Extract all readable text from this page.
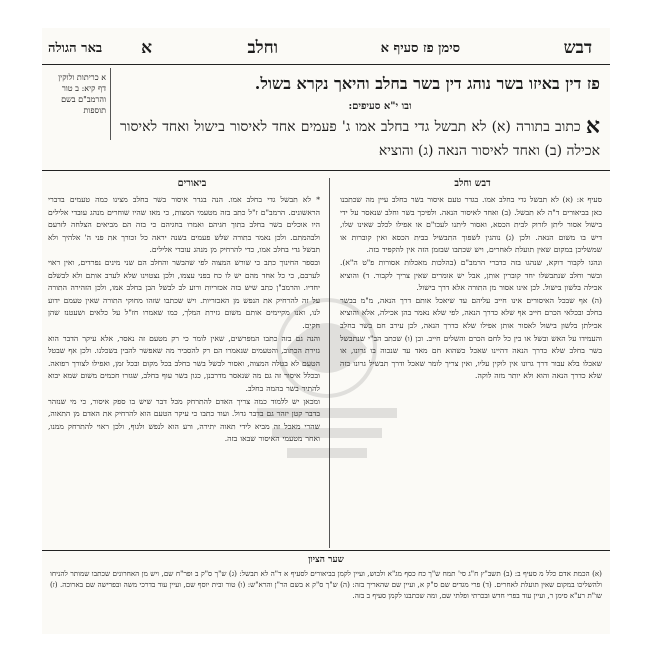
דבש
וחלב	סימן פז סעיף א
א
באר הגולה
א כריתות ולוקין דף קיא: ב טור והרמב"ם בשם תוספות
פז דין באיזו בשר נוהג דין בשר בחלב והיאך נקרא בשול.
ובו י"א סעיפים:
א כתוב בתורה (א) לא תבשל גדי בחלב אמו ג' פעמים אחד לאיסור בישול ואחד לאיסור אכילה (ב) ואחד לאיסור הנאה (ג) והוציא
דבש וחלב
ביאורים

סעיף א: (א) לא תבשל גדי בחלב אמו. בגדר טעם איסור בשר בחלב עיין מה שכתבנו כאן בביאורים ד"ה לא תבשל. (ב) ואחד לאיסור הנאה. ולפיכך בשר וחלב שנאסר על ידי בישול אסור ליתן לזרוק לבית הכסא, ואסור ליתנו לעכו"ם או אפילו לכלב שאינו שלו, דיש בו משום הנאה. ולכן (ג) נוהגין לשפוך התבשיל בבית הכסא ואין קוברות או שמשליכן במקום שאין תועלת לאחרים, ויש שכתבו שבזמן הזה אין להקפיד בזה.

ונהגו לקבור דוקא, שנהגו בזה כדברי הרמב"ם (בהלכות מאכלות אסורות פ"ט ה"א). ובשר וחלב שנתבשלו יחד קוברין אותן, אבל יש אומרים שאין צריך לקבור. ד) והוציא אכילה בלשון בישול. לכן אינו אסור מן התורה אלא דרך בישול.

(ה) אף שבכל האיסורים אינו חייב עליהם עד שיאכל אותם דרך הנאה, מ"מ בבשר בחלב ובכלאי הכרם חייב אף שלא כדרך הנאה, לפי שלא נאמר בהן אכילה, אלא והוציא אכילתן בלשון בישול לאסור אותן אפילו שלא כדרך הנאה, לכן עירב חם בשר בחלב והעמידו על האש ובשל או בין כל לחם הכרם והשלים חייב. וכן (ו) שכתב הב"י שנתבשל בשר בחלב שלא כדרך הנאה דהיינו שאכל כשהוא חם מאד עד שנכוה בו גרונו, או שאכלו בלא עבור דרך גרונו אין לוקין עליו, ואין צריך לומר שאכל ודרך תבשיל גרונו בזה שלא כדרך הנאה והוא ולא יותר מזה לוקה.

* לא תבשל גדי בחלב אמו. הנה בגדר איסור בשר בחלב מצינו כמה טעמים בדברי הראשונים. הרמב"ם ז"ל כתב בזה מטעמי המצות, כי מאז שהיו שוחרים מנהג עובדי אלילים היו אוכלים בשר בחלב בתוך חגיהם ואמרו בחגיהם כי בזה הם מביאים הצלחה לזרעם ולבהמתם. ולכן נאמר בתורה שלש פעמים בשנה יראה כל זכורך את פני ה' אלהיך ולא תבשל גדי בחלב אמו, כדי להרחיק מן מנהג עובדי אלילים.

ובספר החינוך כתב כי שורש המצוה לפי שהבשר והחלב הם שני מינים נפרדים, ואין ראוי לערבם, כי כל אחד מהם יש לו כח בפני עצמו, ולכן נצטוינו שלא לערב אותם ולא לבשלם יחדיו. והרמב"ן כתב שיש בזה אכזריות ורוע לב לבשל הבן בחלב אמו, ולכן הזהירה התורה על זה להרחיק את הנפש מן האכזריות. ויש שכתבו שזהו מחוקי התורה שאין טעמם ידוע לנו, ואנו מקיימים אותם משום גזירת המלך, כמו שאמרו חז"ל על כלאים ושעטנז שהן חקים.

והנה גם בזה כתבו המפרשים, שאין לומר כי רק מטעם זה נאסר, אלא עיקר הדבר הוא גזירת הכתוב, והטעמים שנאמרו הם רק להסביר מה שאפשר להבין בשכלנו. ולכן אף שבטל הטעם לא בטלה המצוה, ואסור לבשל בשר בחלב בכל מקום ובכל זמן, ואפילו לצורך רפואה. ובכלל איסור זה גם מה שנאסר מדרבנן, כגון בשר עוף בחלב, שגזרו חכמים משום שמא יבוא להתיר בשר בהמה בחלב.

ומכאן יש ללמוד כמה צריך האדם להתרחק מכל דבר שיש בו ספק איסור, כי מי שנזהר בדבר קטן יזהר גם בדבר גדול. ועוד כתבו כי עיקר הטעם הוא להרחיק את האדם מן התאוה, שהרי מאכל זה מביא לידי תאוה יתירה, ורע הוא לנפש ולגוף, ולכן ראוי להתרחק ממנו, ואחר מטעמי האיסור שבאו בזה.

שער הציון
(א) הכמת אדם כלל מ סעיף ב: (ב) תשב"ץ ח"ג סי' תמח ש"ך כח כסף מג"א ולבוש, ועיין לקמן בביאורים לסעיף א ד"ה לא תבשל: (ג) ש"ך ס"ק ב ופר"ח שם, ויש מן האחרונים שכתבו שמותר להניחו ולהשליכו במקום שאין תועלת לאחרים. (ד) פרי מגדים שם ס"ק א, ועיין שם שהאריך בזה: (ה) ש"ך ס"ק א בשם הר"ן והרא"ש: (ו) טור ובית יוסף שם, ועיין עוד בדרכי משה ובפרישה שם בארוכה. (ז) שו"ת רע"א סימן ר, ועיין עוד בפרי חדש ובכרתי ופלתי שם, ומה שכתבנו לקמן סעיף ב בזה.
